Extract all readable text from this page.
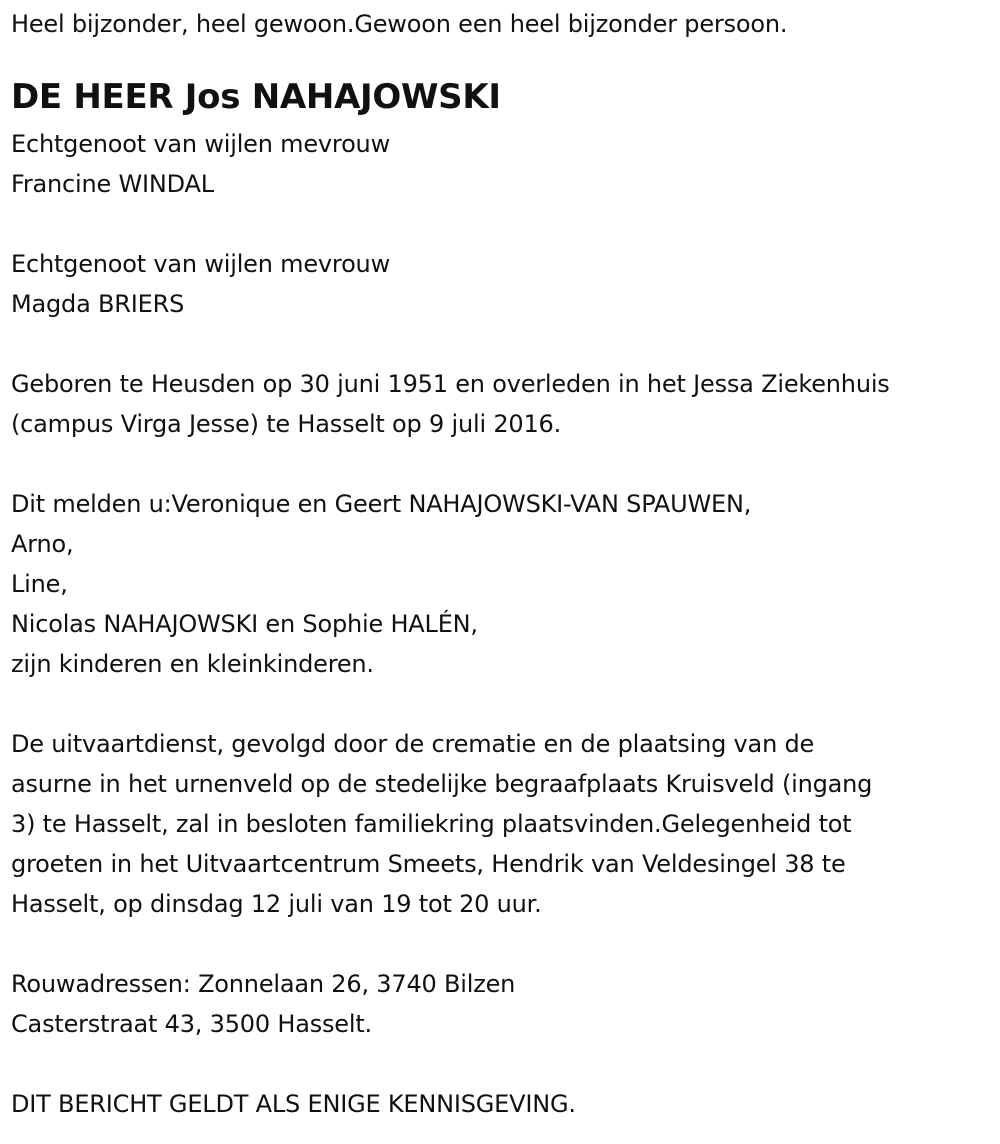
Heel bijzonder, heel gewoon.Gewoon een heel bijzonder persoon.
DE HEER Jos NAHAJOWSKI
Echtgenoot van wijlen mevrouw
Francine WINDAL
Echtgenoot van wijlen mevrouw
Magda BRIERS
Geboren te Heusden op 30 juni 1951 en overleden in het Jessa Ziekenhuis
(campus Virga Jesse) te Hasselt op 9 juli 2016.
Dit melden u:Veronique en Geert NAHAJOWSKI-VAN SPAUWEN,
Arno,
Line,
Nicolas NAHAJOWSKI en Sophie HALÉN,
zijn kinderen en kleinkinderen.
De uitvaartdienst, gevolgd door de crematie en de plaatsing van de
asurne in het urnenveld op de stedelijke begraafplaats Kruisveld (ingang
3) te Hasselt, zal in besloten familiekring plaatsvinden.Gelegenheid tot
groeten in het Uitvaartcentrum Smeets, Hendrik van Veldesingel 38 te
Hasselt, op dinsdag 12 juli van 19 tot 20 uur.
Rouwadressen: Zonnelaan 26, 3740 Bilzen
Casterstraat 43, 3500 Hasselt.
DIT BERICHT GELDT ALS ENIGE KENNISGEVING.
